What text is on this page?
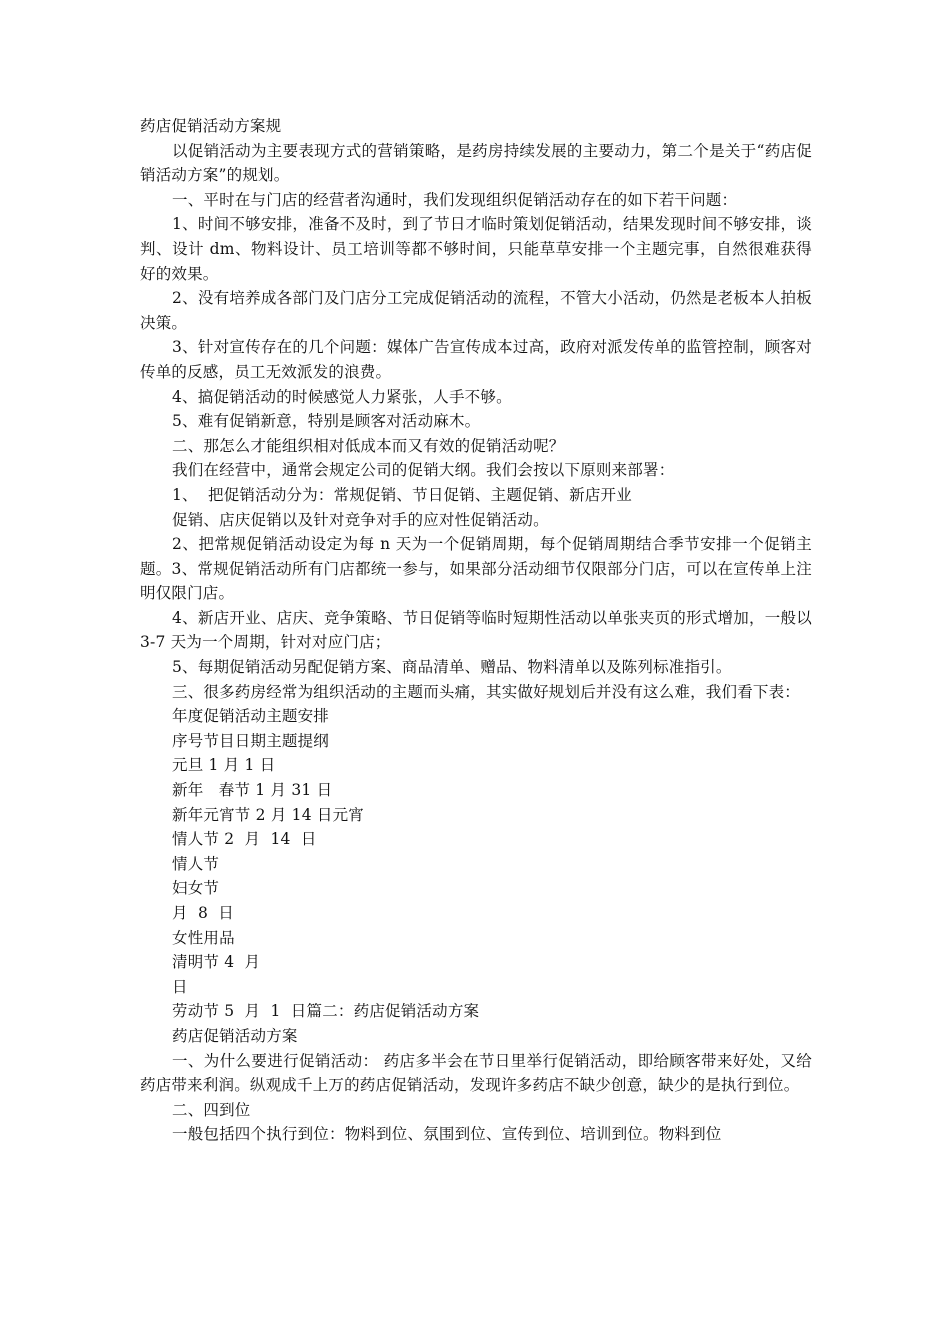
药店促销活动方案规
以促销活动为主要表现方式的营销策略，是药房持续发展的主要动力，第二个是关于“药店促销活动方案”的规划。
一、平时在与门店的经营者沟通时，我们发现组织促销活动存在的如下若干问题：
1、时间不够安排，准备不及时，到了节日才临时策划促销活动，结果发现时间不够安排，谈判、设计 dm、物料设计、员工培训等都不够时间，只能草草安排一个主题完事，自然很难获得好的效果。
2、没有培养成各部门及门店分工完成促销活动的流程，不管大小活动，仍然是老板本人拍板决策。
3、针对宣传存在的几个问题：媒体广告宣传成本过高，政府对派发传单的监管控制，顾客对传单的反感，员工无效派发的浪费。
4、搞促销活动的时候感觉人力紧张，人手不够。
5、难有促销新意，特别是顾客对活动麻木。
二、那怎么才能组织相对低成本而又有效的促销活动呢？
我们在经营中，通常会规定公司的促销大纲。我们会按以下原则来部署：
1、  把促销活动分为：常规促销、节日促销、主题促销、新店开业
促销、店庆促销以及针对竞争对手的应对性促销活动。
2、把常规促销活动设定为每 n 天为一个促销周期，每个促销周期结合季节安排一个促销主题。3、常规促销活动所有门店都统一参与，如果部分活动细节仅限部分门店，可以在宣传单上注明仅限门店。
4、新店开业、店庆、竞争策略、节日促销等临时短期性活动以单张夹页的形式增加，一般以 3-7 天为一个周期，针对对应门店；
5、每期促销活动另配促销方案、商品清单、赠品、物料清单以及陈列标准指引。
三、很多药房经常为组织活动的主题而头痛，其实做好规划后并没有这么难，我们看下表：
年度促销活动主题安排
序号节目日期主题提纲
元旦 1 月 1 日
新年   春节 1 月 31 日
新年元宵节 2 月 14 日元宵
情人节 2  月  14  日
情人节
妇女节
月  8  日
女性用品
清明节 4  月
日
劳动节 5  月  1  日篇二：药店促销活动方案
药店促销活动方案
一、为什么要进行促销活动： 药店多半会在节日里举行促销活动，即给顾客带来好处，又给药店带来利润。纵观成千上万的药店促销活动，发现许多药店不缺少创意，缺少的是执行到位。
二、四到位
一般包括四个执行到位：物料到位、氛围到位、宣传到位、培训到位。物料到位
